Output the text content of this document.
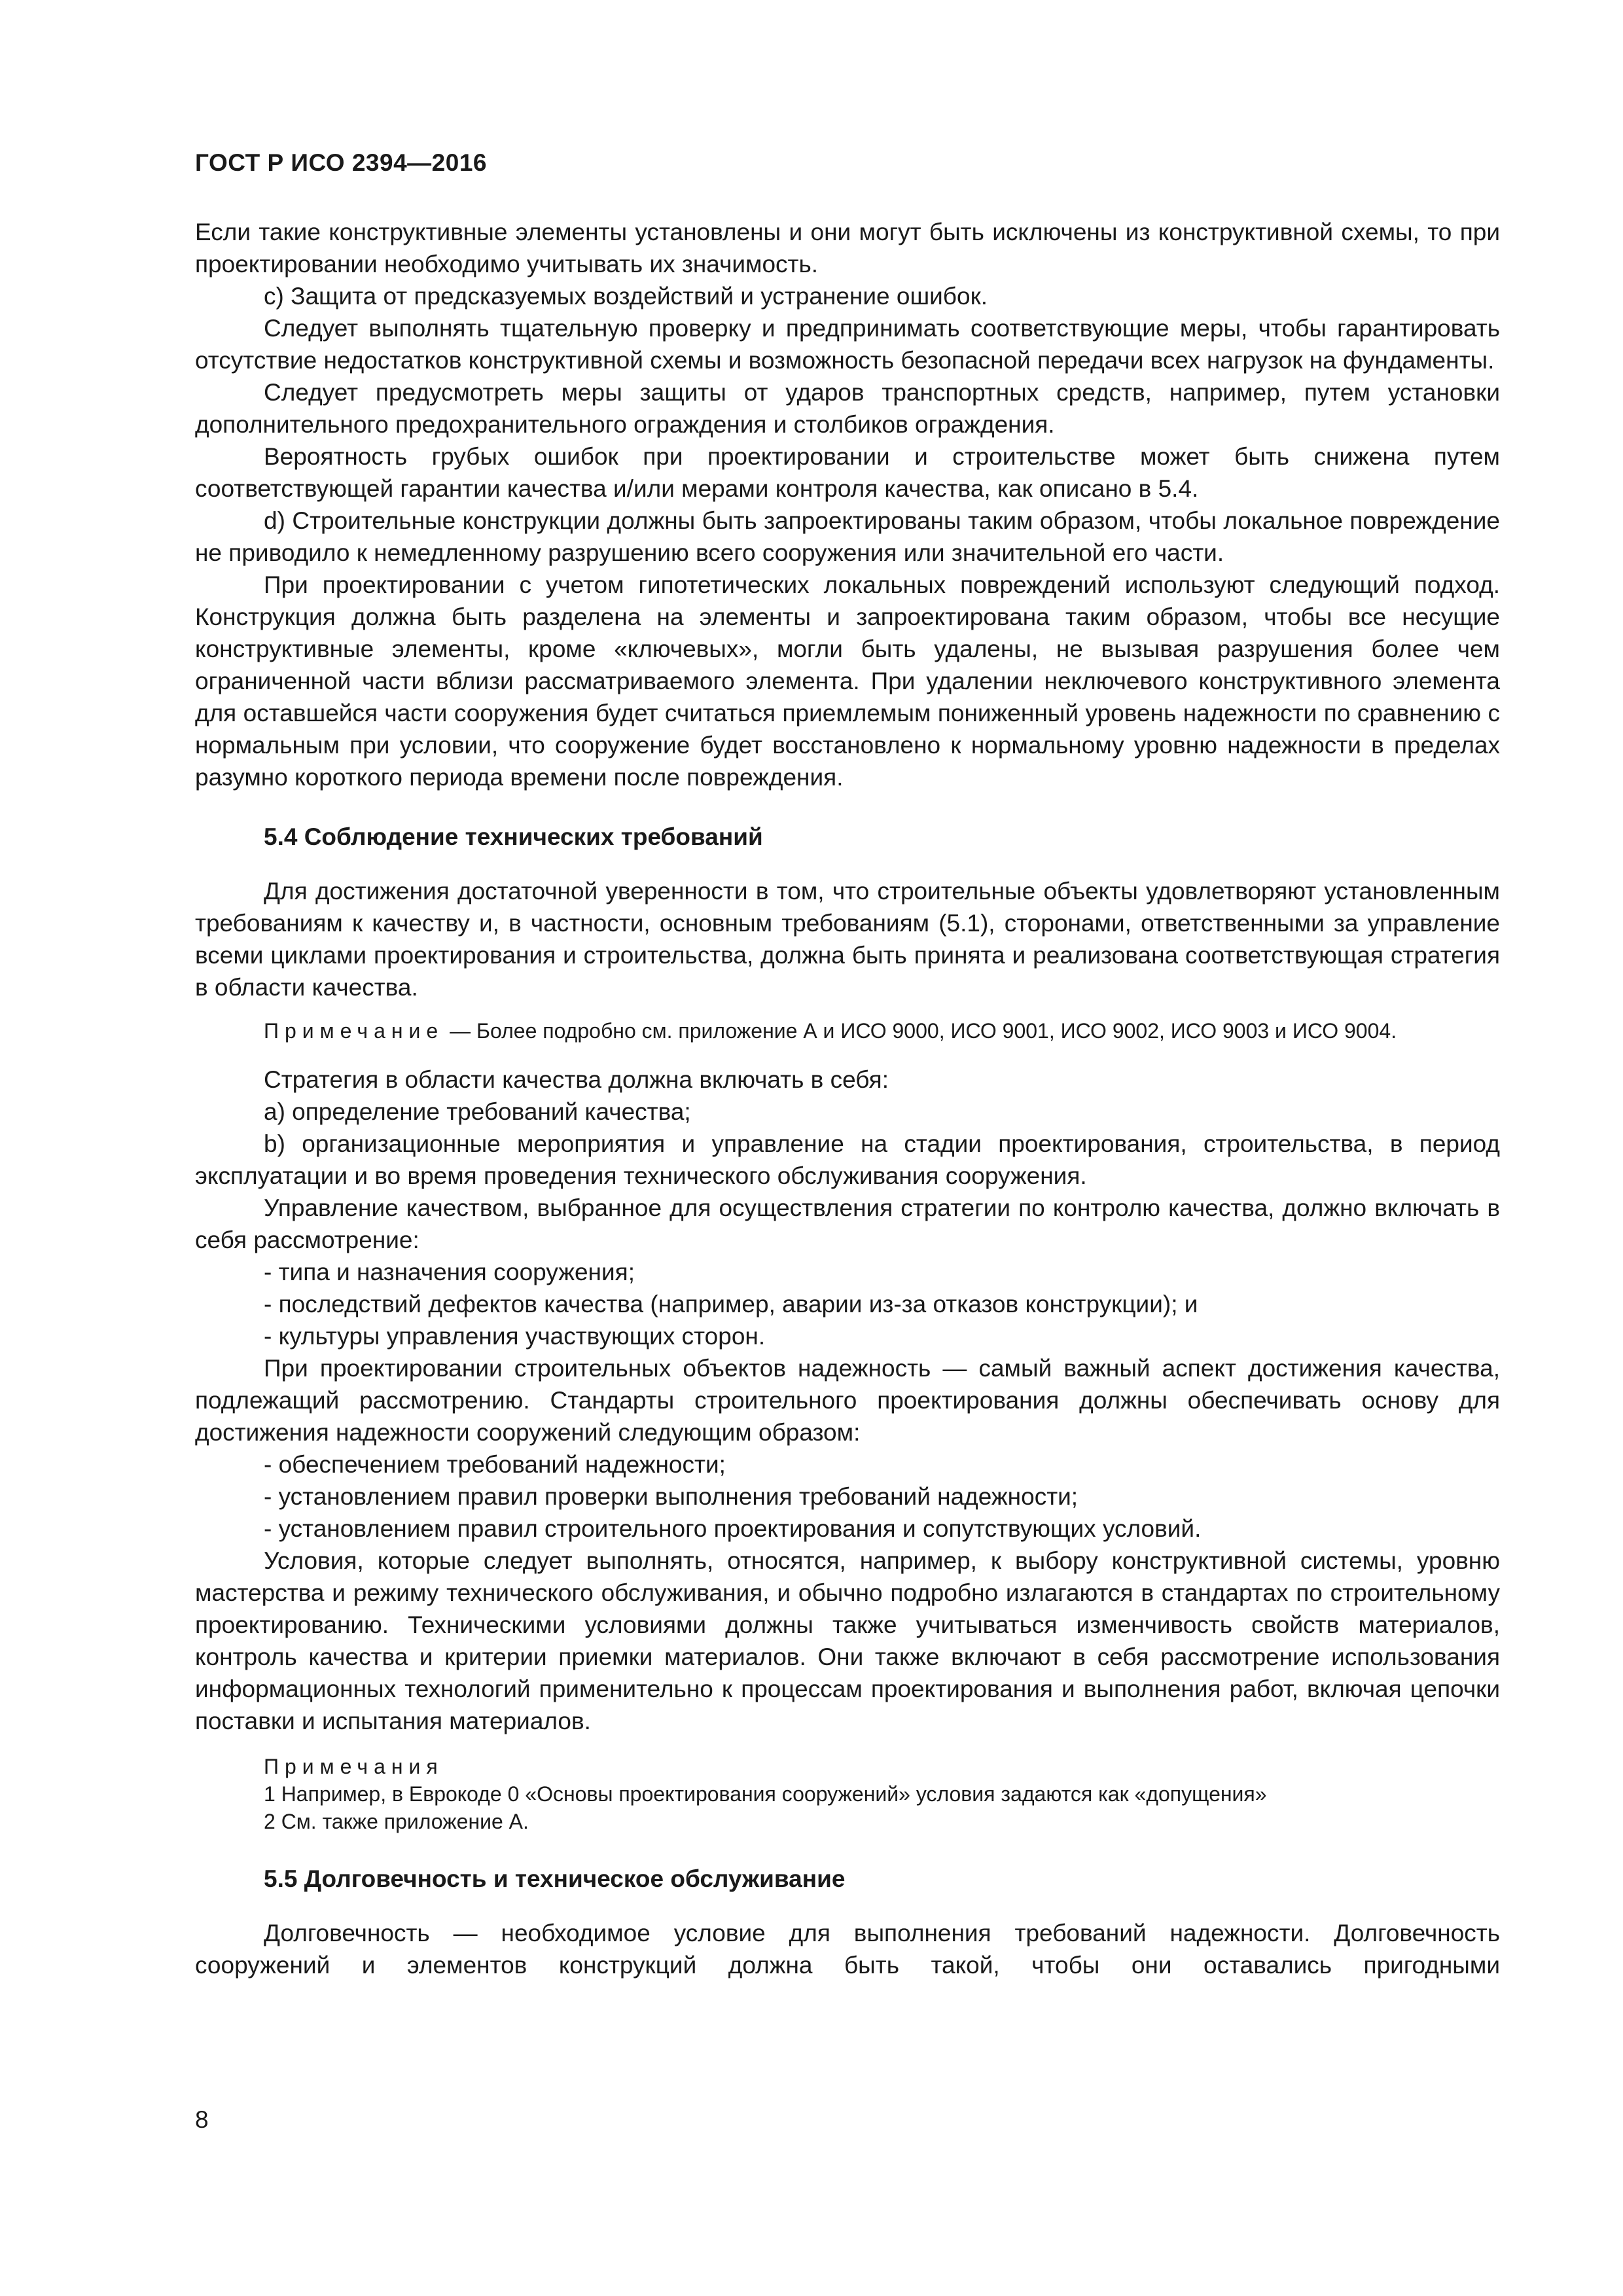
ГОСТ Р ИСО 2394—2016

Если такие конструктивные элементы установлены и они могут быть исключены из конструктивной схемы, то при проектировании необходимо учитывать их значимость.

c) Защита от предсказуемых воздействий и устранение ошибок.

Следует выполнять тщательную проверку и предпринимать соответствующие меры, чтобы гарантировать отсутствие недостатков конструктивной схемы и возможность безопасной передачи всех нагрузок на фундаменты.

Следует предусмотреть меры защиты от ударов транспортных средств, например, путем установки дополнительного предохранительного ограждения и столбиков ограждения.

Вероятность грубых ошибок при проектировании и строительстве может быть снижена путем соответствующей гарантии качества и/или мерами контроля качества, как описано в 5.4.

d) Строительные конструкции должны быть запроектированы таким образом, чтобы локальное повреждение не приводило к немедленному разрушению всего сооружения или значительной его части.

При проектировании с учетом гипотетических локальных повреждений используют следующий подход. Конструкция должна быть разделена на элементы и запроектирована таким образом, чтобы все несущие конструктивные элементы, кроме «ключевых», могли быть удалены, не вызывая разрушения более чем ограниченной части вблизи рассматриваемого элемента. При удалении неключевого конструктивного элемента для оставшейся части сооружения будет считаться приемлемым пониженный уровень надежности по сравнению с нормальным при условии, что сооружение будет восстановлено к нормальному уровню надежности в пределах разумно короткого периода времени после повреждения.

5.4 Соблюдение технических требований

Для достижения достаточной уверенности в том, что строительные объекты удовлетворяют установленным требованиям к качеству и, в частности, основным требованиям (5.1), сторонами, ответственными за управление всеми циклами проектирования и строительства, должна быть принята и реализована соответствующая стратегия в области качества.

Примечание — Более подробно см. приложение А и ИСО 9000, ИСО 9001, ИСО 9002, ИСО 9003 и ИСО 9004.

Стратегия в области качества должна включать в себя:

a) определение требований качества;

b) организационные мероприятия и управление на стадии проектирования, строительства, в период эксплуатации и во время проведения технического обслуживания сооружения.

Управление качеством, выбранное для осуществления стратегии по контролю качества, должно включать в себя рассмотрение:

- типа и назначения сооружения;

- последствий дефектов качества (например, аварии из-за отказов конструкции); и

- культуры управления участвующих сторон.

При проектировании строительных объектов надежность — самый важный аспект достижения качества, подлежащий рассмотрению. Стандарты строительного проектирования должны обеспечивать основу для достижения надежности сооружений следующим образом:

- обеспечением требований надежности;

- установлением правил проверки выполнения требований надежности;

- установлением правил строительного проектирования и сопутствующих условий.

Условия, которые следует выполнять, относятся, например, к выбору конструктивной системы, уровню мастерства и режиму технического обслуживания, и обычно подробно излагаются в стандартах по строительному проектированию. Техническими условиями должны также учитываться изменчивость свойств материалов, контроль качества и критерии приемки материалов. Они также включают в себя рассмотрение использования информационных технологий применительно к процессам проектирования и выполнения работ, включая цепочки поставки и испытания материалов.

Примечания

1 Например, в Еврокоде 0 «Основы проектирования сооружений» условия задаются как «допущения»

2 См. также приложение А.

5.5 Долговечность и техническое обслуживание

Долговечность — необходимое условие для выполнения требований надежности. Долговечность сооружений и элементов конструкций должна быть такой, чтобы они оставались пригодными

8
